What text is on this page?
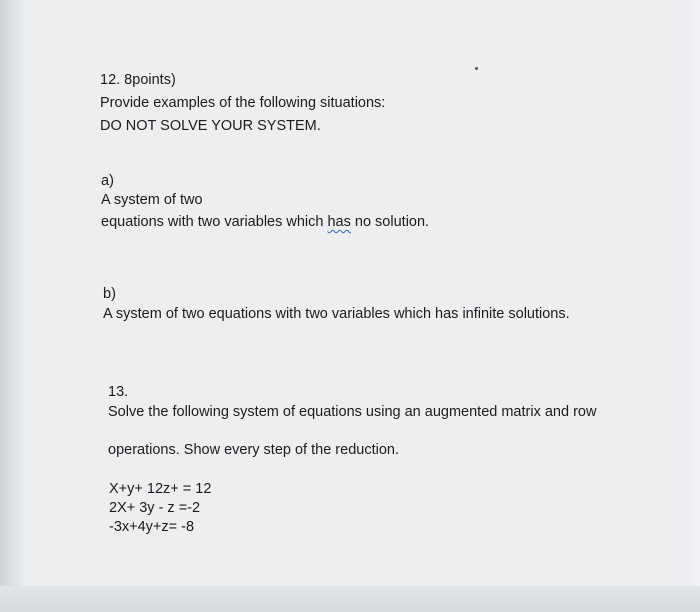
12. 8points)
Provide examples of the following situations:
DO NOT SOLVE YOUR SYSTEM.
a)
A system of two
equations with two variables which has no solution.
b)
A system of two equations with two variables which has infinite solutions.
13.
Solve the following system of equations using an augmented matrix and row
operations. Show every step of the reduction.
X+y+ 12z+ = 12
2X+ 3y - z =-2
-3x+4y+z= -8
